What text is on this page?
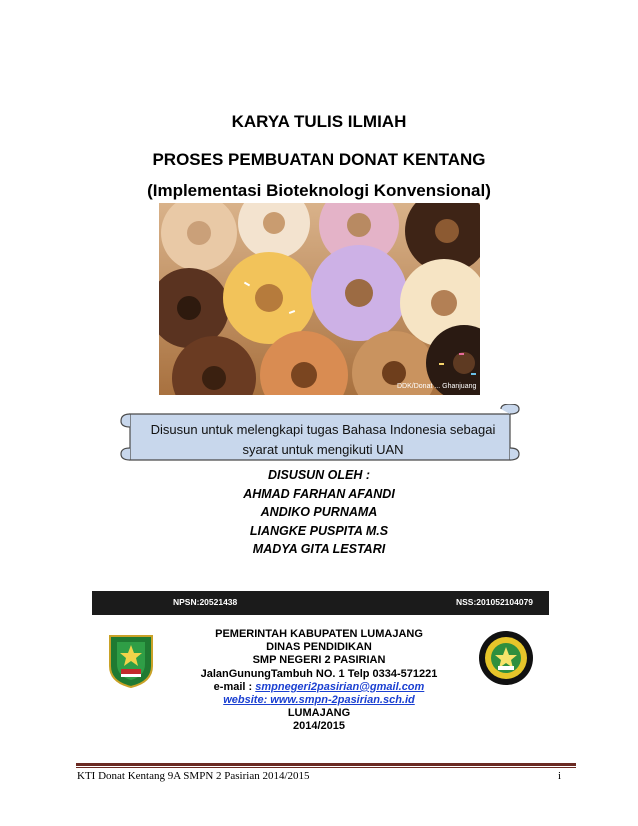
KARYA TULIS ILMIAH
PROSES PEMBUATAN DONAT KENTANG
(Implementasi Bioteknologi Konvensional)
DDK/Donat ... Ghanjuang
Disusun untuk melengkapi tugas Bahasa Indonesia sebagai
syarat untuk mengikuti UAN
DISUSUN OLEH :
AHMAD FARHAN AFANDI
ANDIKO PURNAMA
LIANGKE PUSPITA M.S
MADYA GITA LESTARI
NPSN:20521438	NSS:201052104079
PEMERINTAH KABUPATEN LUMAJANG
DINAS PENDIDIKAN
SMP NEGERI 2 PASIRIAN
JalanGunungTambuh NO. 1 Telp 0334-571221
e-mail : smpnegeri2pasirian@gmail.com
website: www.smpn-2pasirian.sch.id
LUMAJANG
2014/2015
KTI Donat Kentang 9A SMPN 2 Pasirian 2014/2015	i
